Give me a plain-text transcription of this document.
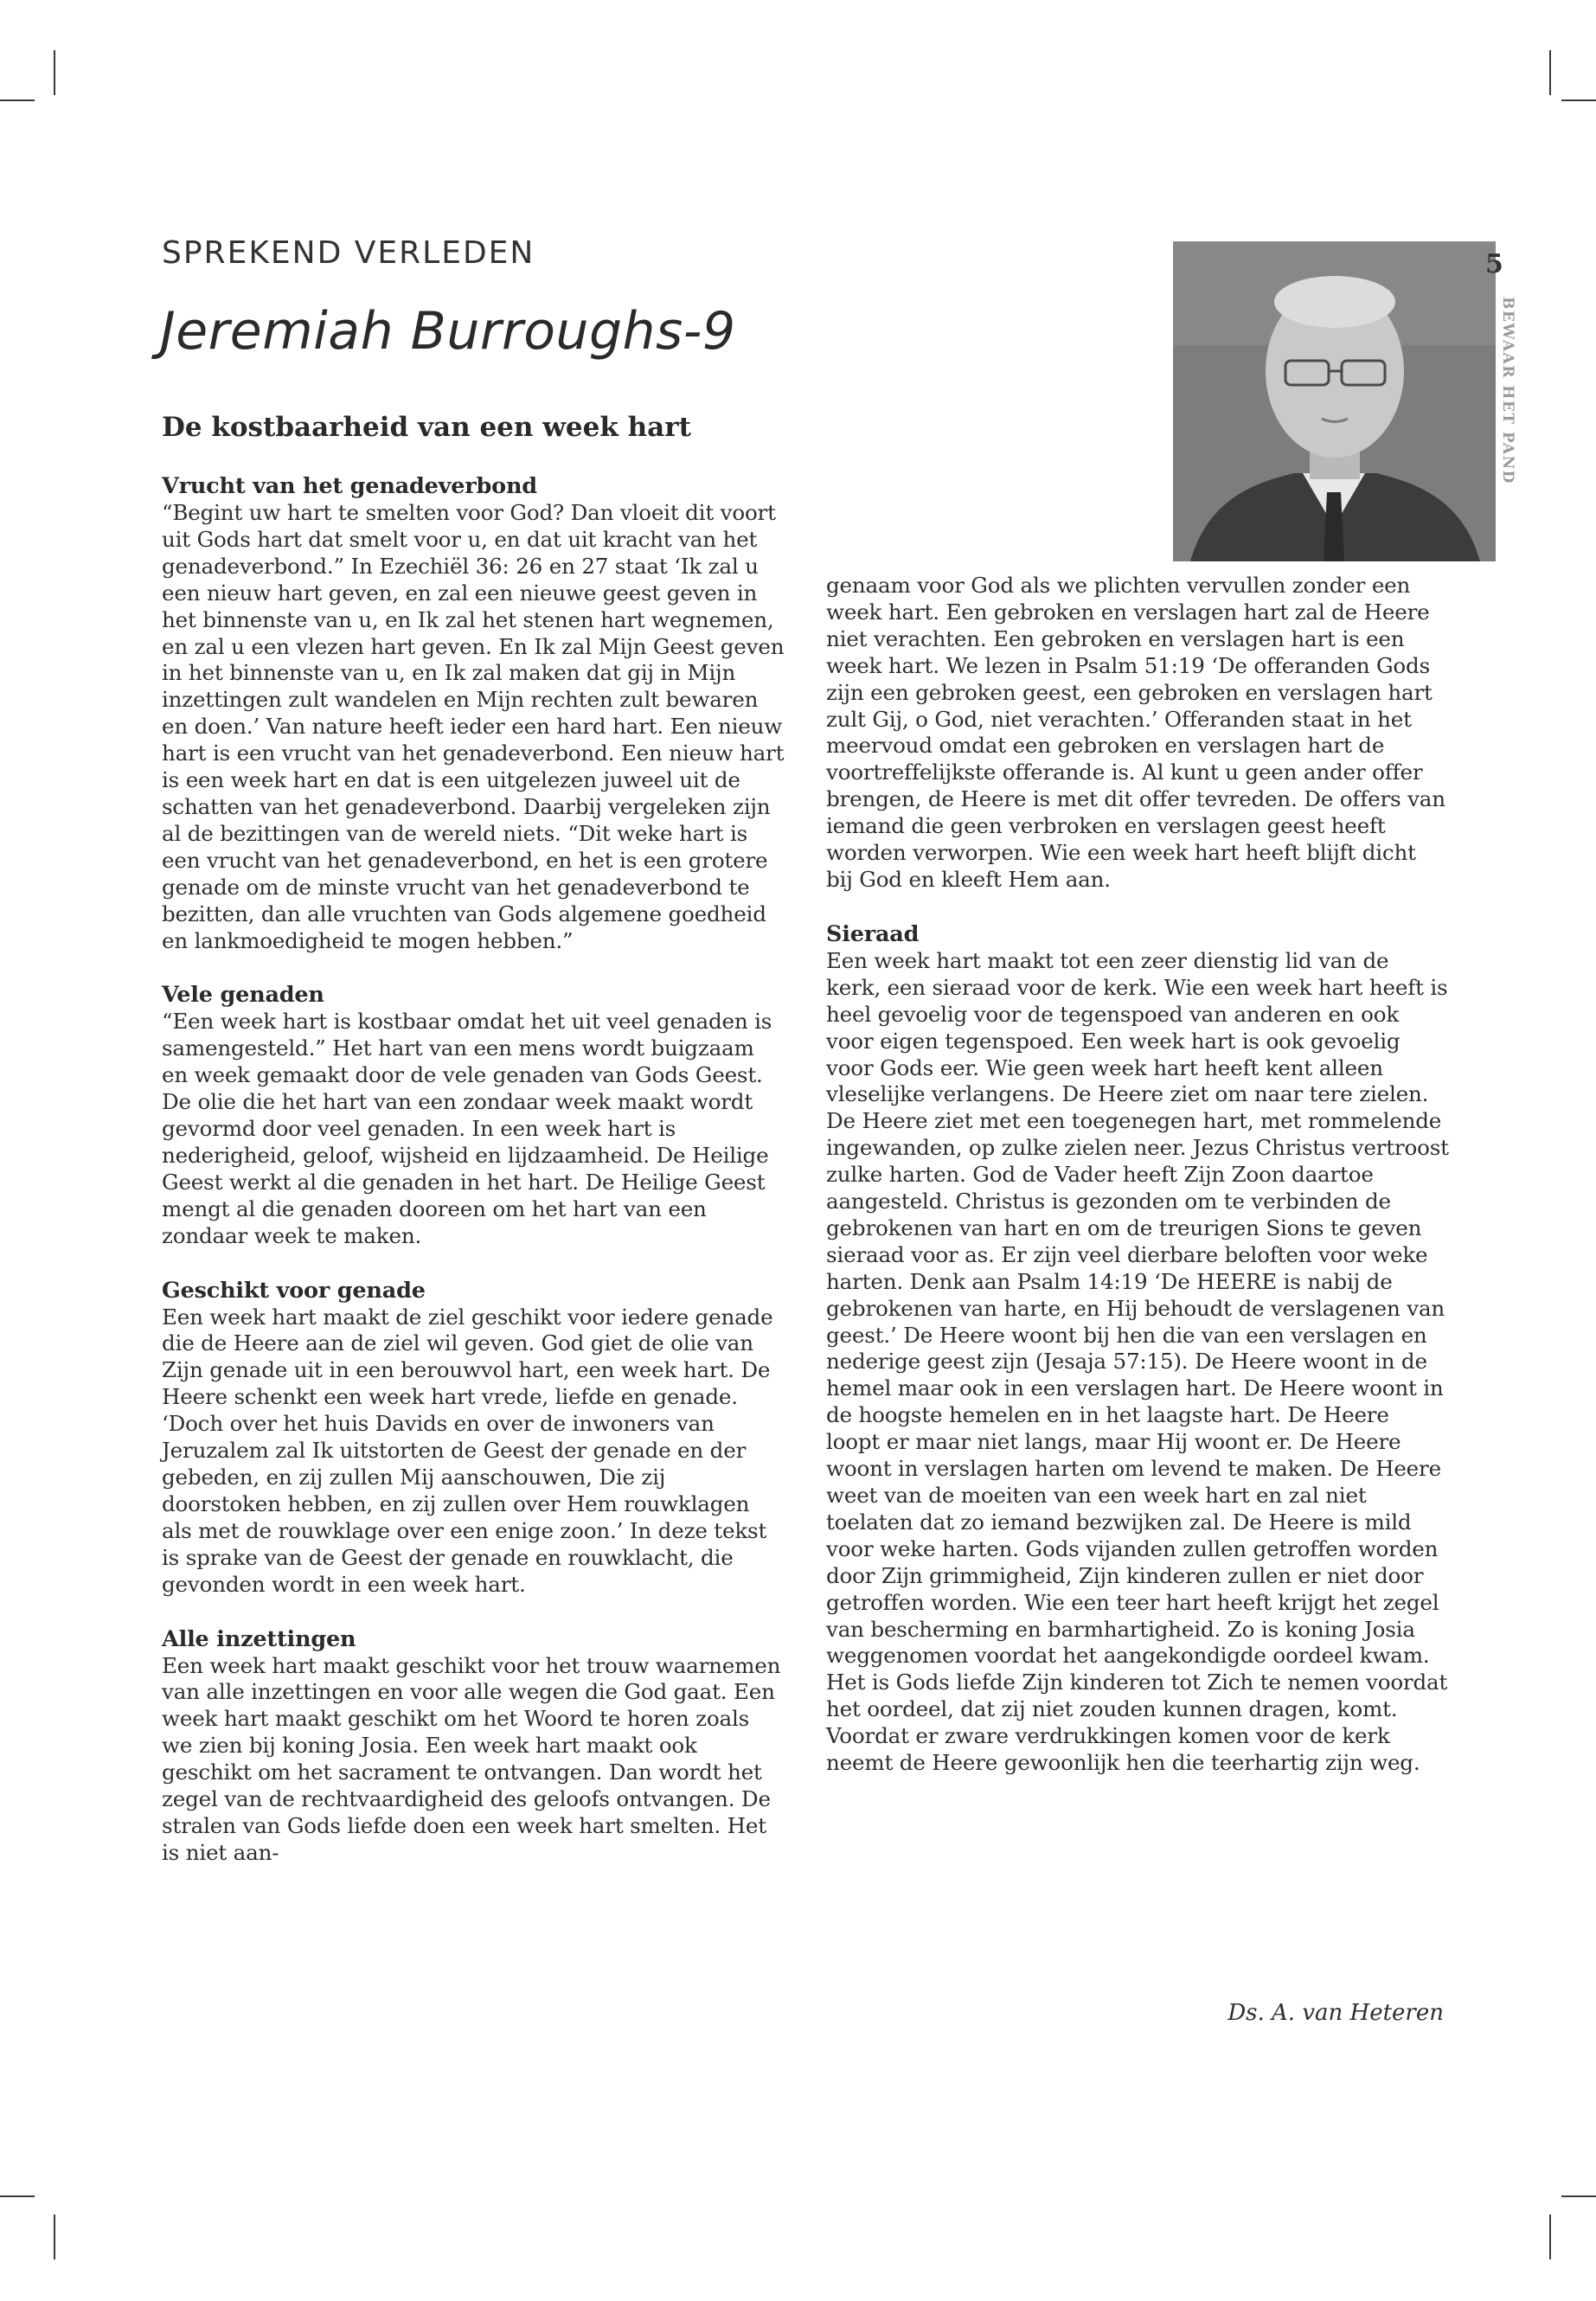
SPREKEND VERLEDEN
Jeremiah Burroughs-9
De kostbaarheid van een week hart
5
BEWAAR HET PAND
Vrucht van het genadeverbond

“Begint uw hart te smelten voor God? Dan vloeit dit voort uit Gods hart dat smelt voor u, en dat uit kracht van het genadeverbond.” In Ezechiël 36: 26 en 27 staat ‘Ik zal u een nieuw hart geven, en zal een nieuwe geest geven in het binnenste van u, en Ik zal het stenen hart wegnemen, en zal u een vlezen hart geven. En Ik zal Mijn Geest geven in het binnenste van u, en Ik zal maken dat gij in Mijn inzettingen zult wandelen en Mijn rechten zult bewaren en doen.’ Van nature heeft ieder een hard hart. Een nieuw hart is een vrucht van het genadeverbond. Een nieuw hart is een week hart en dat is een uitgelezen juweel uit de schatten van het genadeverbond. Daarbij vergeleken zijn al de bezittingen van de wereld niets. “Dit weke hart is een vrucht van het genadeverbond, en het is een grotere genade om de minste vrucht van het genadeverbond te bezitten, dan alle vruchten van Gods algemene goedheid en lankmoedigheid te mogen hebben.”

Vele genaden

“Een week hart is kostbaar omdat het uit veel genaden is samengesteld.” Het hart van een mens wordt buigzaam en week gemaakt door de vele genaden van Gods Geest. De olie die het hart van een zondaar week maakt wordt gevormd door veel genaden. In een week hart is nederigheid, geloof, wijsheid en lijdzaamheid. De Heilige Geest werkt al die genaden in het hart. De Heilige Geest mengt al die genaden dooreen om het hart van een zondaar week te maken.

Geschikt voor genade

Een week hart maakt de ziel geschikt voor iedere genade die de Heere aan de ziel wil geven. God giet de olie van Zijn genade uit in een berouwvol hart, een week hart. De Heere schenkt een week hart vrede, liefde en genade. ‘Doch over het huis Davids en over de inwoners van Jeruzalem zal Ik uitstorten de Geest der genade en der gebeden, en zij zullen Mij aanschouwen, Die zij doorstoken hebben, en zij zullen over Hem rouwklagen als met de rouwklage over een enige zoon.’ In deze tekst is sprake van de Geest der genade en rouwklacht, die gevonden wordt in een week hart.

Alle inzettingen

Een week hart maakt geschikt voor het trouw waarnemen van alle inzettingen en voor alle wegen die God gaat. Een week hart maakt geschikt om het Woord te horen zoals we zien bij koning Josia. Een week hart maakt ook geschikt om het sacrament te ontvangen. Dan wordt het zegel van de rechtvaardigheid des geloofs ontvangen. De stralen van Gods liefde doen een week hart smelten. Het is niet aan-

genaam voor God als we plichten vervullen zonder een week hart. Een gebroken en verslagen hart zal de Heere niet verachten. Een gebroken en verslagen hart is een week hart. We lezen in Psalm 51:19 ‘De offeranden Gods zijn een gebroken geest, een gebroken en verslagen hart zult Gij, o God, niet verachten.’ Offeranden staat in het meervoud omdat een gebroken en verslagen hart de voortreffelijkste offerande is. Al kunt u geen ander offer brengen, de Heere is met dit offer tevreden. De offers van iemand die geen verbroken en verslagen geest heeft worden verworpen. Wie een week hart heeft blijft dicht bij God en kleeft Hem aan.

Sieraad

Een week hart maakt tot een zeer dienstig lid van de kerk, een sieraad voor de kerk. Wie een week hart heeft is heel gevoelig voor de tegenspoed van anderen en ook voor eigen tegenspoed. Een week hart is ook gevoelig voor Gods eer. Wie geen week hart heeft kent alleen vleselijke verlangens. De Heere ziet om naar tere zielen. De Heere ziet met een toegenegen hart, met rommelende ingewanden, op zulke zielen neer. Jezus Christus vertroost zulke harten. God de Vader heeft Zijn Zoon daartoe aangesteld. Christus is gezonden om te verbinden de gebrokenen van hart en om de treurigen Sions te geven sieraad voor as. Er zijn veel dierbare beloften voor weke harten. Denk aan Psalm 14:19 ‘De HEERE is nabij de gebrokenen van harte, en Hij behoudt de verslagenen van geest.’ De Heere woont bij hen die van een verslagen en nederige geest zijn (Jesaja 57:15). De Heere woont in de hemel maar ook in een verslagen hart. De Heere woont in de hoogste hemelen en in het laagste hart. De Heere loopt er maar niet langs, maar Hij woont er. De Heere woont in verslagen harten om levend te maken. De Heere weet van de moeiten van een week hart en zal niet toelaten dat zo iemand bezwijken zal. De Heere is mild voor weke harten. Gods vijanden zullen getroffen worden door Zijn grimmigheid, Zijn kinderen zullen er niet door getroffen worden. Wie een teer hart heeft krijgt het zegel van bescherming en barmhartigheid. Zo is koning Josia weggenomen voordat het aangekondigde oordeel kwam. Het is Gods liefde Zijn kinderen tot Zich te nemen voordat het oordeel, dat zij niet zouden kunnen dragen, komt. Voordat er zware verdrukkingen komen voor de kerk neemt de Heere gewoonlijk hen die teerhartig zijn weg.

Ds. A. van Heteren
